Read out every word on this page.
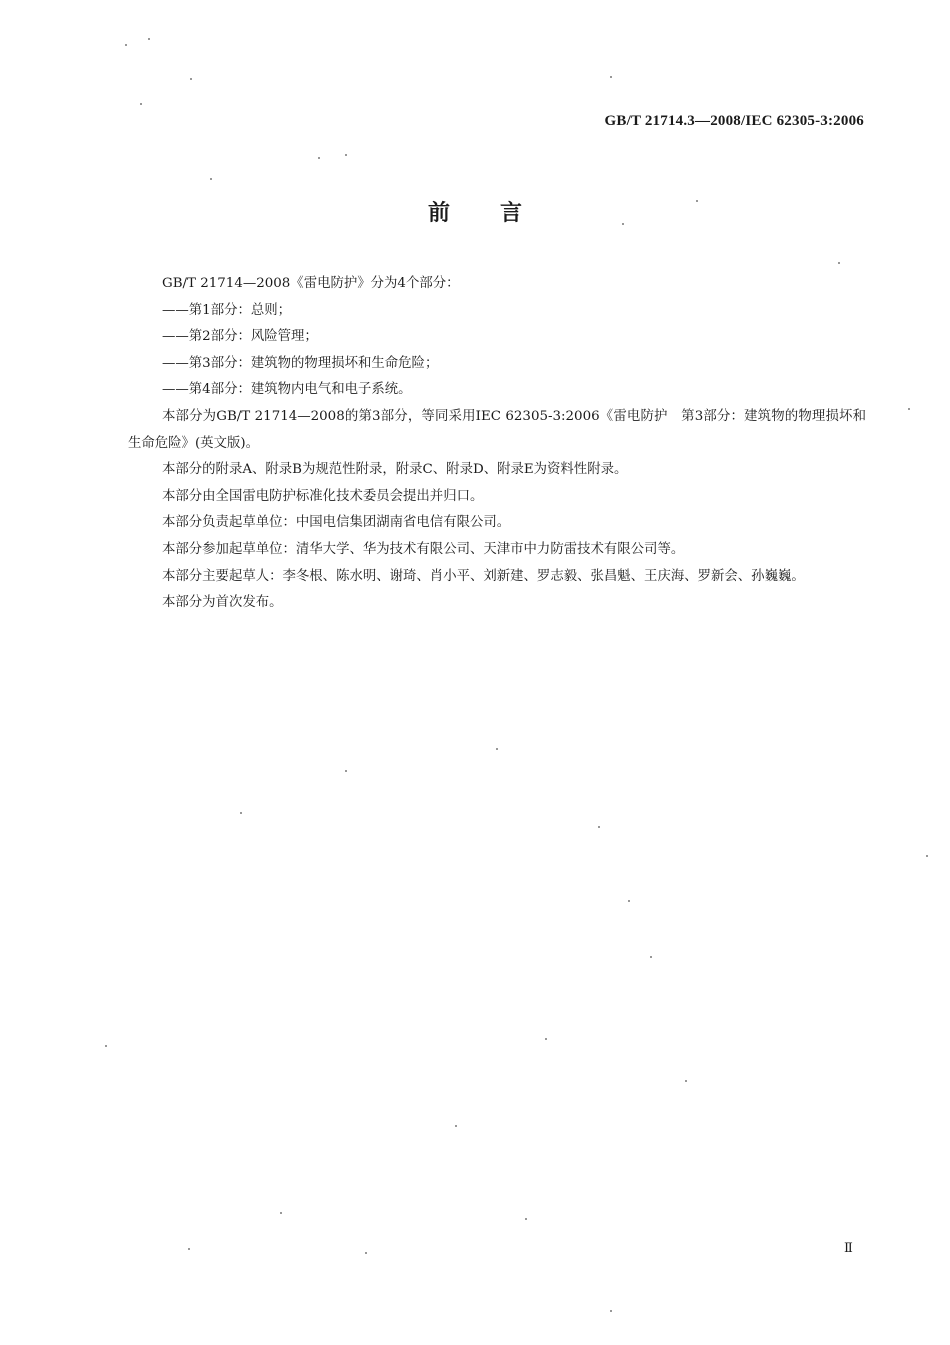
GB/T 21714.3—2008/IEC 62305-3:2006
前言

GB/T 21714—2008《雷电防护》分为4个部分：

——第1部分：总则；

——第2部分：风险管理；

——第3部分：建筑物的物理损坏和生命危险；

——第4部分：建筑物内电气和电子系统。

本部分为GB/T 21714—2008的第3部分，等同采用IEC 62305-3:2006《雷电防护　第3部分：建筑物的物理损坏和生命危险》(英文版)。

本部分的附录A、附录B为规范性附录，附录C、附录D、附录E为资料性附录。

本部分由全国雷电防护标准化技术委员会提出并归口。

本部分负责起草单位：中国电信集团湖南省电信有限公司。

本部分参加起草单位：清华大学、华为技术有限公司、天津市中力防雷技术有限公司等。

本部分主要起草人：李冬根、陈水明、谢琦、肖小平、刘新建、罗志毅、张昌魁、王庆海、罗新会、孙巍巍。

本部分为首次发布。

Ⅱ
